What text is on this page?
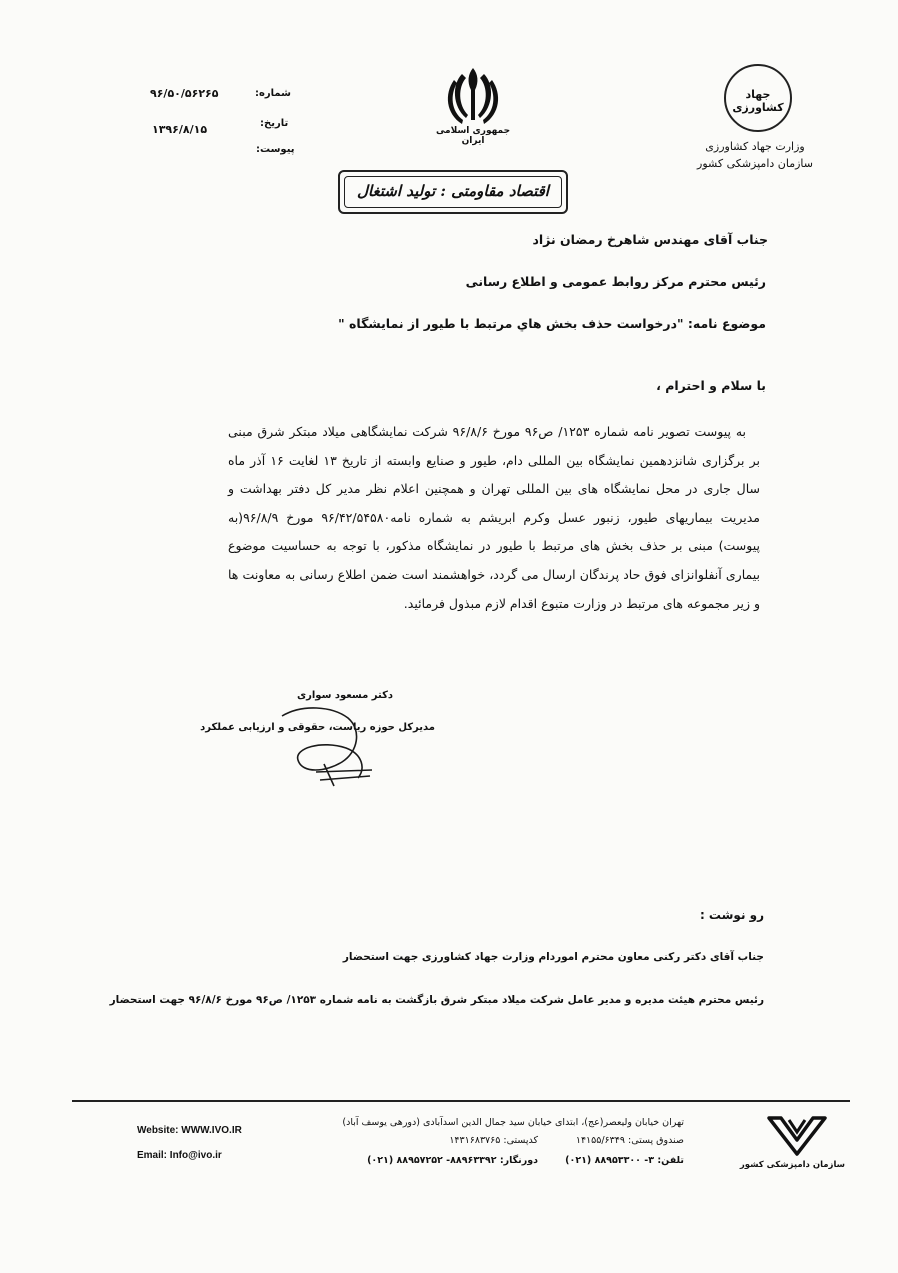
شماره:
۹۶/۵۰/۵۶۲۶۵
تاریخ:
۱۳۹۶/۸/۱۵
پیوست:
جمهوری اسلامی ایران
اقتصاد مقاومتی : تولید اشتغال
جهاد کشاورزی
وزارت جهاد کشاورزی
سازمان دامپزشکی کشور
جناب آقای مهندس شاهرخ رمضان نژاد
رئیس محترم مرکز روابط عمومی و اطلاع رسانی
موضوع نامه: "درخواست حذف بخش هاي مرتبط با طيور از نمايشگاه "
با سلام و احترام ،
به پیوست تصویر نامه شماره ۱۲۵۳/ ص۹۶ مورخ ۹۶/۸/۶ شرکت نمایشگاهی میلاد مبتکر شرق مبنی بر برگزاری شانزدهمین نمایشگاه بین المللی دام، طیور و صنایع وابسته از تاریخ ۱۳ لغایت ۱۶ آذر ماه سال جاری در محل نمایشگاه های بین المللی تهران و همچنین اعلام نظر مدیر کل دفتر بهداشت و مدیریت بیماریهای طیور، زنبور عسل وکرم ابریشم به شماره نامه۹۶/۴۲/۵۴۵۸۰ مورخ ۹۶/۸/۹(به پیوست) مبنی بر حذف بخش های مرتبط با طیور در نمایشگاه مذکور، با توجه به حساسیت موضوع بیماری آنفلوانزای فوق حاد پرندگان ارسال می گردد، خواهشمند است ضمن اطلاع رسانی به معاونت ها و زیر مجموعه های مرتبط در وزارت متبوع اقدام لازم مبذول فرمائید.
دکتر مسعود سواری
مدیرکل حوزه ریاست، حقوقی و ارزیابی عملکرد
رو نوشت :
جناب آقای دکتر رکنی معاون محترم اموردام وزارت جهاد کشاورزی جهت استحضار
رئیس محترم هیئت مدیره و مدیر عامل شرکت میلاد مبتکر شرق بازگشت به نامه شماره ۱۲۵۳/ ص۹۶ مورخ ۹۶/۸/۶ جهت استحضار
Website: WWW.IVO.IR
Email: Info@ivo.ir
تهران خیابان ولیعصر(عج)، ابتدای خیابان سید جمال الدین اسدآبادی (دورهی یوسف آباد)
صندوق پستی: ۱۴۱۵۵/۶۳۴۹
کدپستی: ۱۴۳۱۶۸۳۷۶۵
تلفن: ۳- ۸۸۹۵۳۳۰۰ (۰۲۱)
دورنگار: ۸۸۹۶۳۳۹۲- ۸۸۹۵۷۲۵۲ (۰۲۱)	سازمان دامپزشکی کشور
